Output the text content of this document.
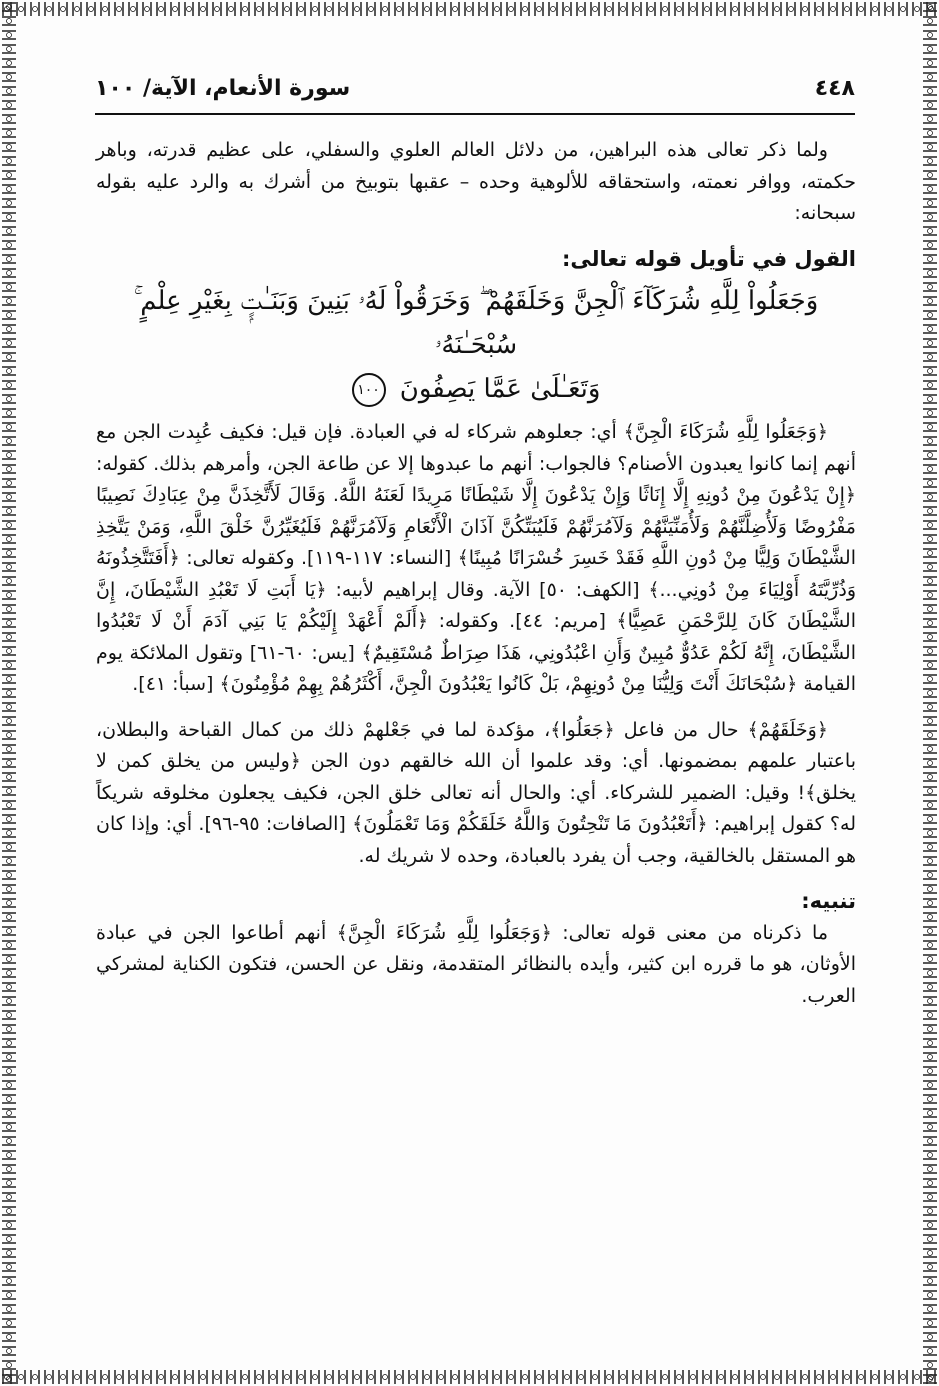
٤٤٨
سورة الأنعام، الآية/ ١٠٠

ولما ذكر تعالى هذه البراهين، من دلائل العالم العلوي والسفلي، على عظيم قدرته، وباهر حكمته، ووافر نعمته، واستحقاقه للألوهية وحده – عقبها بتوبيخ من أشرك به والرد عليه بقوله سبحانه:

القول في تأويل قوله تعالى:

وَجَعَلُواْ لِلَّهِ شُرَكَآءَ ٱلْجِنَّ وَخَلَقَهُمْ ۖ وَخَرَقُواْ لَهُۥ بَنِينَ وَبَنَـٰتٍۭ بِغَيْرِ عِلْمٍ ۚ سُبْحَـٰنَهُۥ
وَتَعَـٰلَىٰ عَمَّا يَصِفُونَ ١٠٠

﴿وَجَعَلُوا لِلَّهِ شُرَكَاءَ الْجِنَّ﴾ أي: جعلوهم شركاء له في العبادة. فإن قيل: فكيف عُبِدت الجن مع أنهم إنما كانوا يعبدون الأصنام؟ فالجواب: أنهم ما عبدوها إلا عن طاعة الجن، وأمرهم بذلك. كقوله: ﴿إِنْ يَدْعُونَ مِنْ دُونِهِ إِلَّا إِنَاثًا وَإِنْ يَدْعُونَ إِلَّا شَيْطَانًا مَرِيدًا لَعَنَهُ اللَّهُ. وَقَالَ لَأَتَّخِذَنَّ مِنْ عِبَادِكَ نَصِيبًا مَفْرُوضًا وَلَأُضِلَّنَّهُمْ وَلَأُمَنِّيَنَّهُمْ وَلَآمُرَنَّهُمْ فَلَيُبَتِّكُنَّ آذَانَ الْأَنْعَامِ وَلَآمُرَنَّهُمْ فَلَيُغَيِّرُنَّ خَلْقَ اللَّهِ، وَمَنْ يَتَّخِذِ الشَّيْطَانَ وَلِيًّا مِنْ دُونِ اللَّهِ فَقَدْ خَسِرَ خُسْرَانًا مُبِينًا﴾ [النساء: ١١٧-١١٩]. وكقوله تعالى: ﴿أَفَتَتَّخِذُونَهُ وَذُرِّيَّتَهُ أَوْلِيَاءَ مِنْ دُونِي...﴾ [الكهف: ٥٠] الآية. وقال إبراهيم لأبيه: ﴿يَا أَبَتِ لَا تَعْبُدِ الشَّيْطَانَ، إِنَّ الشَّيْطَانَ كَانَ لِلرَّحْمَنِ عَصِيًّا﴾ [مريم: ٤٤]. وكقوله: ﴿أَلَمْ أَعْهَدْ إِلَيْكُمْ يَا بَنِي آدَمَ أَنْ لَا تَعْبُدُوا الشَّيْطَانَ، إِنَّهُ لَكُمْ عَدُوٌّ مُبِينٌ وَأَنِ اعْبُدُونِي، هَذَا صِرَاطٌ مُسْتَقِيمٌ﴾ [يس: ٦٠-٦١] وتقول الملائكة يوم القيامة ﴿سُبْحَانَكَ أَنْتَ وَلِيُّنَا مِنْ دُونِهِمْ، بَلْ كَانُوا يَعْبُدُونَ الْجِنَّ، أَكْثَرُهُمْ بِهِمْ مُؤْمِنُونَ﴾ [سبأ: ٤١].

﴿وَخَلَقَهُمْ﴾ حال من فاعل ﴿جَعَلُوا﴾، مؤكدة لما في جَعْلهمْ ذلك من كمال القباحة والبطلان، باعتبار علمهم بمضمونها. أي: وقد علموا أن الله خالقهم دون الجن ﴿وليس من يخلق كمن لا يخلق﴾! وقيل: الضمير للشركاء. أي: والحال أنه تعالى خلق الجن، فكيف يجعلون مخلوقه شريكاً له؟ كقول إبراهيم: ﴿أَتَعْبُدُونَ مَا تَنْحِتُونَ وَاللَّهُ خَلَقَكُمْ وَمَا تَعْمَلُونَ﴾ [الصافات: ٩٥-٩٦]. أي: وإذا كان هو المستقل بالخالقية، وجب أن يفرد بالعبادة، وحده لا شريك له.

تنبيه:

ما ذكرناه من معنى قوله تعالى: ﴿وَجَعَلُوا لِلَّهِ شُرَكَاءَ الْجِنَّ﴾ أنهم أطاعوا الجن في عبادة الأوثان، هو ما قرره ابن كثير، وأيده بالنظائر المتقدمة، ونقل عن الحسن، فتكون الكناية لمشركي العرب.
